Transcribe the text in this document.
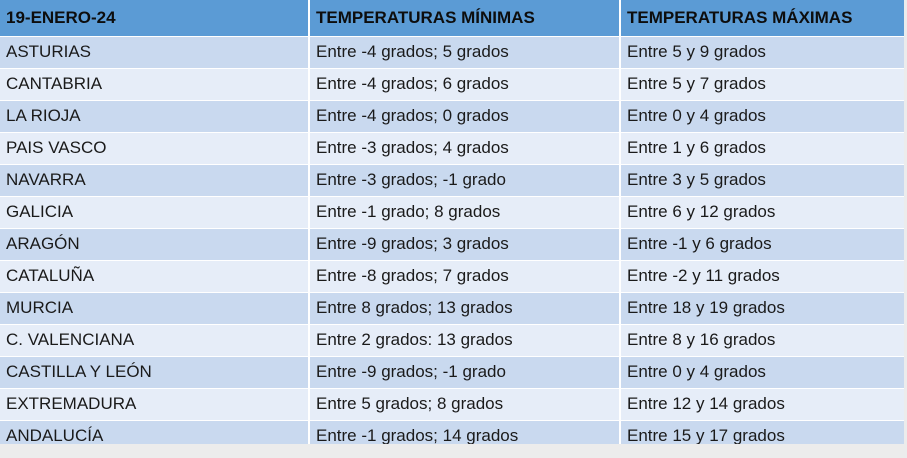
19-ENERO-24	TEMPERATURAS MÍNIMAS	TEMPERATURAS MÁXIMAS
ASTURIAS	Entre -4 grados; 5 grados	Entre 5 y 9 grados
CANTABRIA	Entre -4 grados; 6 grados	Entre 5 y 7 grados
LA RIOJA	Entre -4 grados; 0 grados	Entre 0 y 4 grados
PAIS VASCO	Entre -3 grados; 4 grados	Entre 1 y 6 grados
NAVARRA	Entre -3 grados; -1 grado	Entre 3 y 5 grados
GALICIA	Entre -1 grado; 8 grados	Entre 6 y 12 grados
ARAGÓN	Entre -9 grados; 3 grados	Entre -1 y 6 grados
CATALUÑA	Entre -8 grados; 7 grados	Entre -2 y 11 grados
MURCIA	Entre 8 grados; 13 grados	Entre 18 y 19 grados
C. VALENCIANA	Entre 2 grados: 13 grados	Entre 8 y 16 grados
CASTILLA Y LEÓN	Entre -9 grados; -1 grado	Entre 0 y 4 grados
EXTREMADURA	Entre 5 grados; 8 grados	Entre 12 y 14 grados
ANDALUCÍA	Entre -1 grados; 14 grados	Entre 15 y 17 grados
